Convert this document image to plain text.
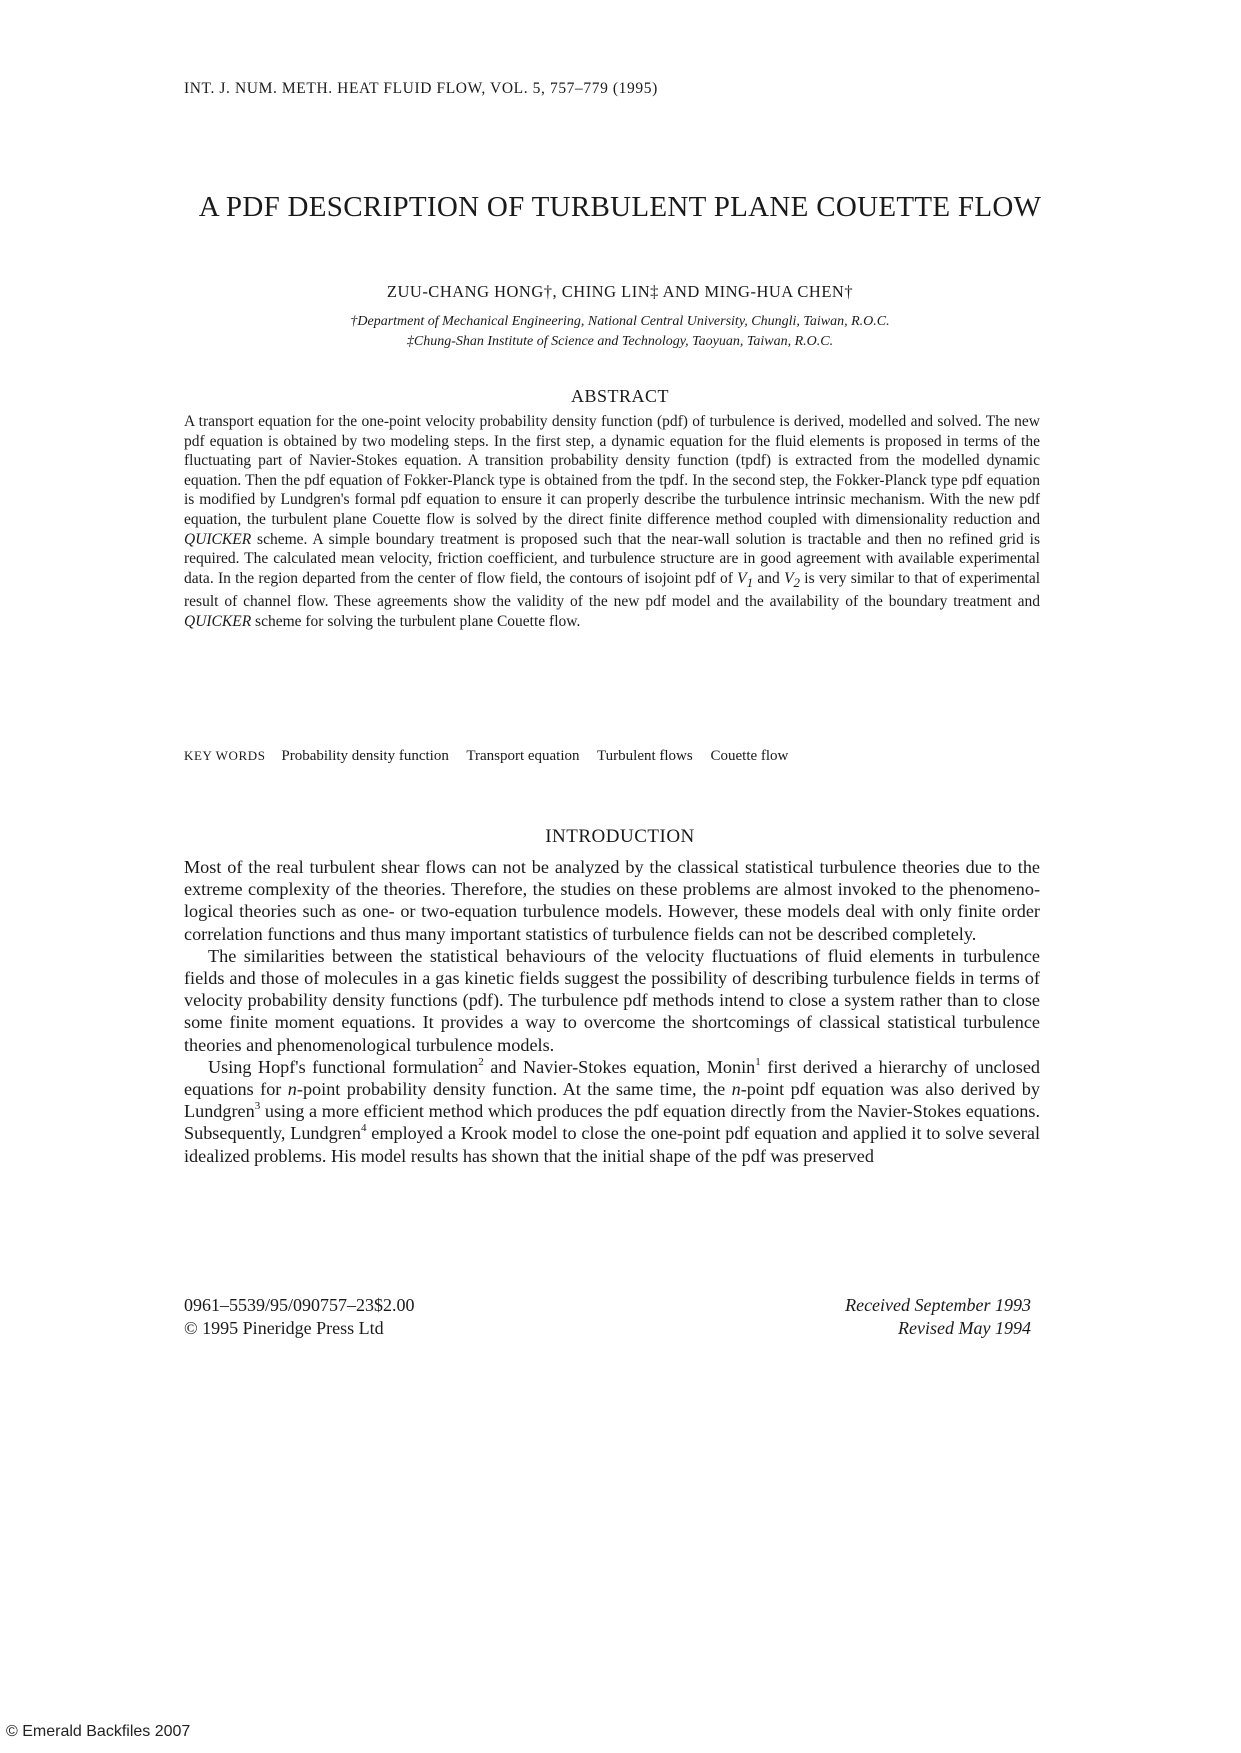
INT. J. NUM. METH. HEAT FLUID FLOW, VOL. 5, 757–779 (1995)
A PDF DESCRIPTION OF TURBULENT PLANE COUETTE FLOW
ZUU-CHANG HONG†, CHING LIN‡ AND MING-HUA CHEN†
†Department of Mechanical Engineering, National Central University, Chungli, Taiwan, R.O.C.
‡Chung-Shan Institute of Science and Technology, Taoyuan, Taiwan, R.O.C.
ABSTRACT

A transport equation for the one-point velocity probability density function (pdf) of turbulence is derived, modelled and solved. The new pdf equation is obtained by two modeling steps. In the first step, a dynamic equation for the fluid elements is proposed in terms of the fluctuating part of Navier-Stokes equation. A transition probability density function (tpdf) is extracted from the modelled dynamic equation. Then the pdf equation of Fokker-Planck type is obtained from the tpdf. In the second step, the Fokker-Planck type pdf equation is modified by Lundgren's formal pdf equation to ensure it can properly describe the turbulence intrinsic mechanism. With the new pdf equation, the turbulent plane Couette flow is solved by the direct finite difference method coupled with dimensionality reduction and QUICKER scheme. A simple boundary treatment is proposed such that the near-wall solution is tractable and then no refined grid is required. The calculated mean velocity, friction coefficient, and turbulence structure are in good agreement with available experimental data. In the region departed from the center of flow field, the contours of isojoint pdf of $V_1$ and $V_2$ is very similar to that of experimental result of channel flow. These agreements show the validity of the new pdf model and the availability of the boundary treatment and QUICKER scheme for solving the turbulent plane Couette flow.

KEY WORDS Probability density function Transport equation Turbulent flows Couette flow
INTRODUCTION

Most of the real turbulent shear flows can not be analyzed by the classical statistical turbulence theories due to the extreme complexity of the theories. Therefore, the studies on these problems are almost invoked to the phenomeno-logical theories such as one- or two-equation turbulence models. However, these models deal with only finite order correlation functions and thus many important statistics of turbulence fields can not be described completely.

The similarities between the statistical behaviours of the velocity fluctuations of fluid elements in turbulence fields and those of molecules in a gas kinetic fields suggest the possibility of describing turbulence fields in terms of velocity probability density functions (pdf). The turbulence pdf methods intend to close a system rather than to close some finite moment equations. It provides a way to overcome the shortcomings of classical statistical turbulence theories and phenomenological turbulence models.

Using Hopf's functional formulation$^2$ and Navier-Stokes equation, Monin$^1$ first derived a hierarchy of unclosed equations for n-point probability density function. At the same time, the n-point pdf equation was also derived by Lundgren$^3$ using a more efficient method which produces the pdf equation directly from the Navier-Stokes equations. Subsequently, Lundgren$^4$ employed a Krook model to close the one-point pdf equation and applied it to solve several idealized problems. His model results has shown that the initial shape of the pdf was preserved

0961–5539/95/090757–23$2.00
© 1995 Pineridge Press Ltd
Received September 1993
Revised May 1994
© Emerald Backfiles 2007
